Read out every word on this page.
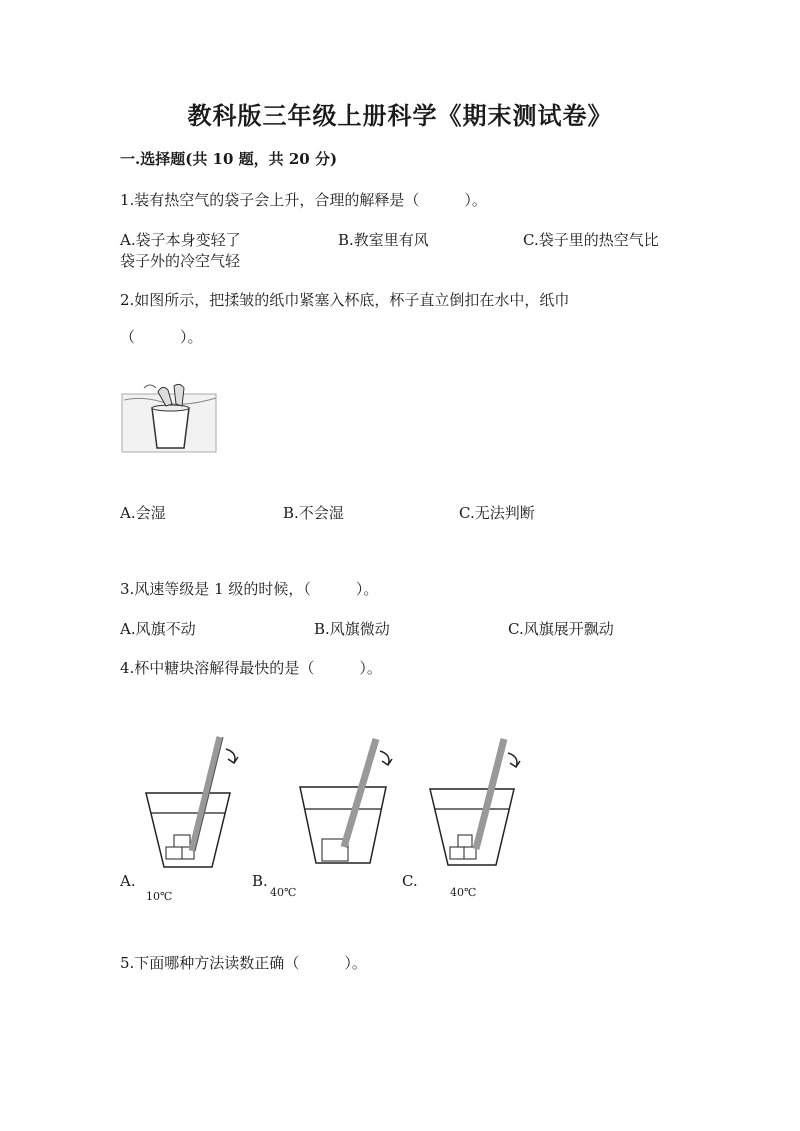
教科版三年级上册科学《期末测试卷》
一.选择题(共 10 题，共 20 分)
1.装有热空气的袋子会上升，合理的解释是（　　　）。
A.袋子本身变轻了	B.教室里有风	C.袋子里的热空气比
袋子外的冷空气轻
2.如图所示，把揉皱的纸巾紧塞入杯底，杯子直立倒扣在水中，纸巾
（　　　）。
A.会湿	B.不会湿	C.无法判断
3.风速等级是 1 级的时候，（　　　）。
A.风旗不动	B.风旗微动	C.风旗展开飘动
4.杯中糖块溶解得最快的是（　　　）。
A.
10℃
B.
40℃
C.
40℃
5.下面哪种方法读数正确（　　　）。
